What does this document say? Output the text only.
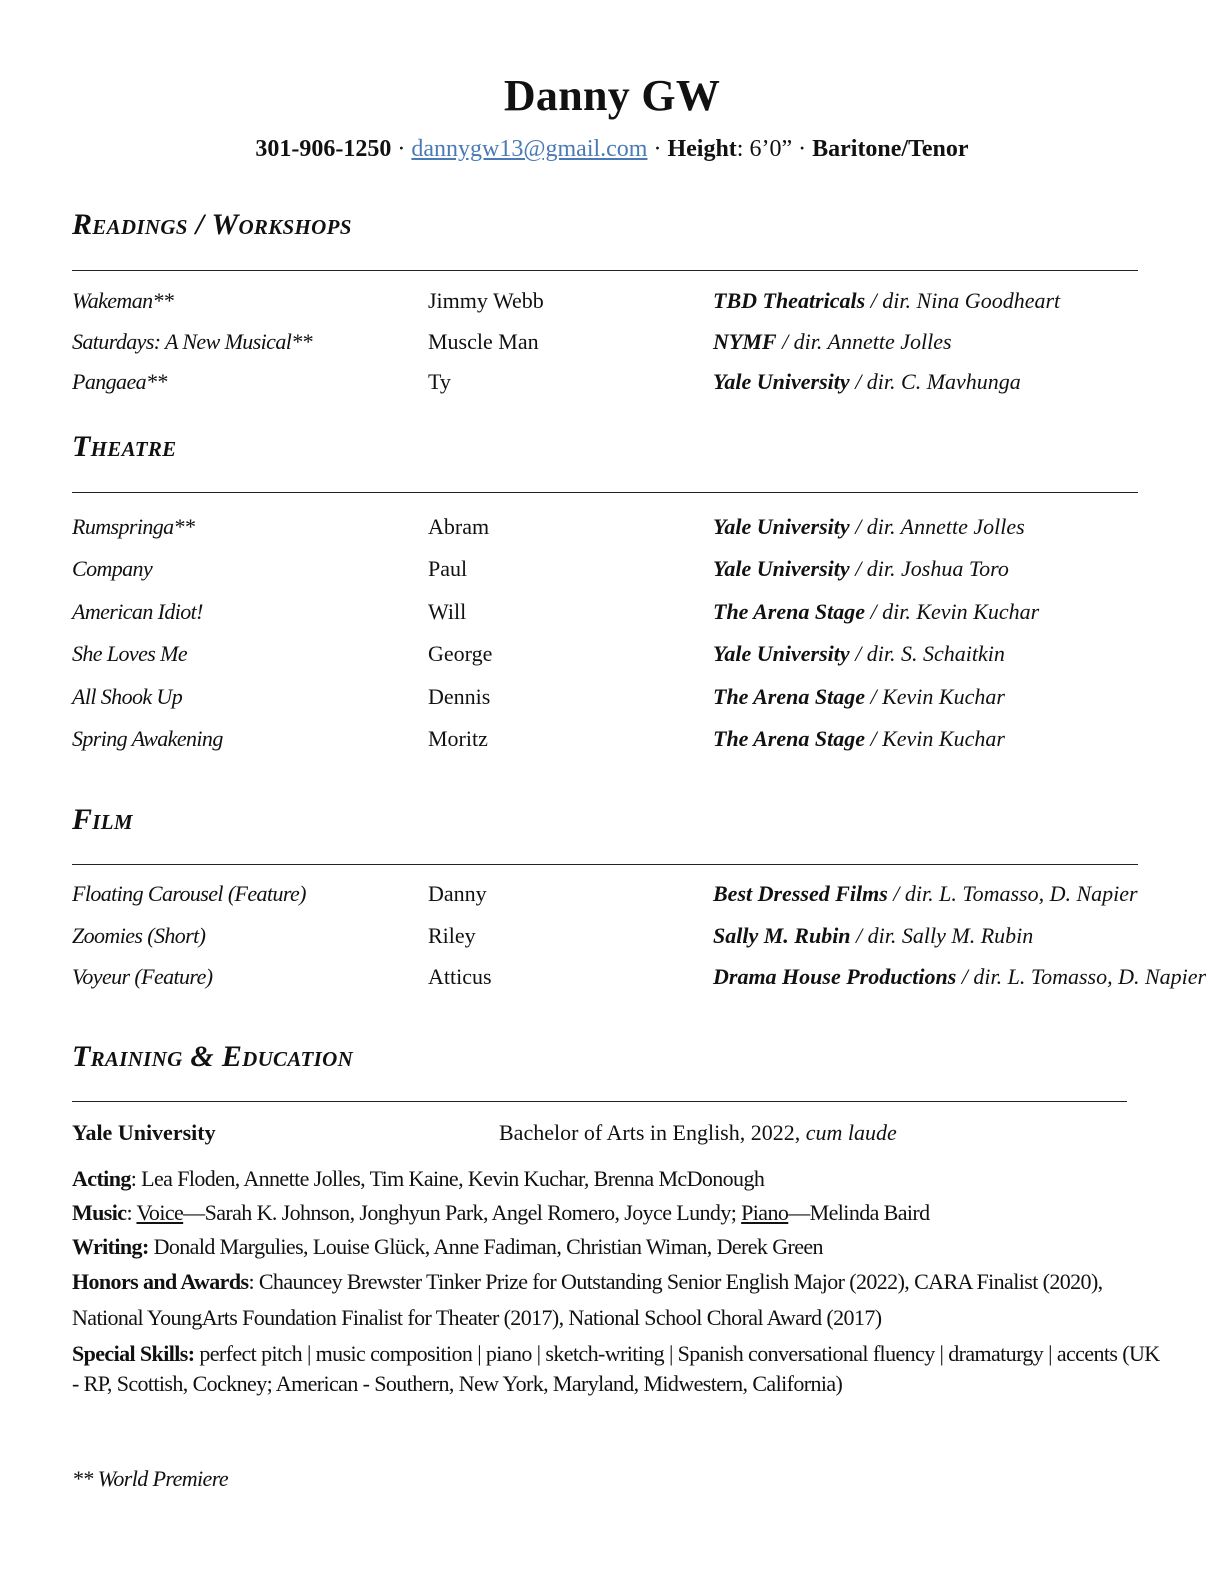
Danny GW
301-906-1250 · dannygw13@gmail.com · Height: 6’0” · Baritone/Tenor
Readings / Workshops
Wakeman**	Jimmy Webb	TBD Theatricals / dir. Nina Goodheart
Saturdays: A New Musical**	Muscle Man	NYMF / dir. Annette Jolles
Pangaea**	Ty	Yale University / dir. C. Mavhunga
Theatre
Rumspringa**	Abram	Yale University / dir. Annette Jolles
Company	Paul	Yale University / dir. Joshua Toro
American Idiot!	Will	The Arena Stage / dir. Kevin Kuchar
She Loves Me	George	Yale University / dir. S. Schaitkin
All Shook Up	Dennis	The Arena Stage / Kevin Kuchar
Spring Awakening	Moritz	The Arena Stage / Kevin Kuchar
Film
Floating Carousel (Feature)	Danny	Best Dressed Films / dir. L. Tomasso, D. Napier
Zoomies (Short)	Riley	Sally M. Rubin / dir. Sally M. Rubin
Voyeur (Feature)	Atticus	Drama House Productions / dir. L. Tomasso, D. Napier
Training & Education
Yale University	Bachelor of Arts in English, 2022, cum laude
Acting: Lea Floden, Annette Jolles, Tim Kaine, Kevin Kuchar, Brenna McDonough
Music: Voice—Sarah K. Johnson, Jonghyun Park, Angel Romero, Joyce Lundy; Piano—Melinda Baird
Writing: Donald Margulies, Louise Glück, Anne Fadiman, Christian Wiman, Derek Green
Honors and Awards: Chauncey Brewster Tinker Prize for Outstanding Senior English Major (2022), CARA Finalist (2020),
National YoungArts Foundation Finalist for Theater (2017), National School Choral Award (2017)
Special Skills: perfect pitch | music composition | piano | sketch-writing | Spanish conversational fluency | dramaturgy | accents (UK
- RP, Scottish, Cockney; American - Southern, New York, Maryland, Midwestern, California)
** World Premiere
